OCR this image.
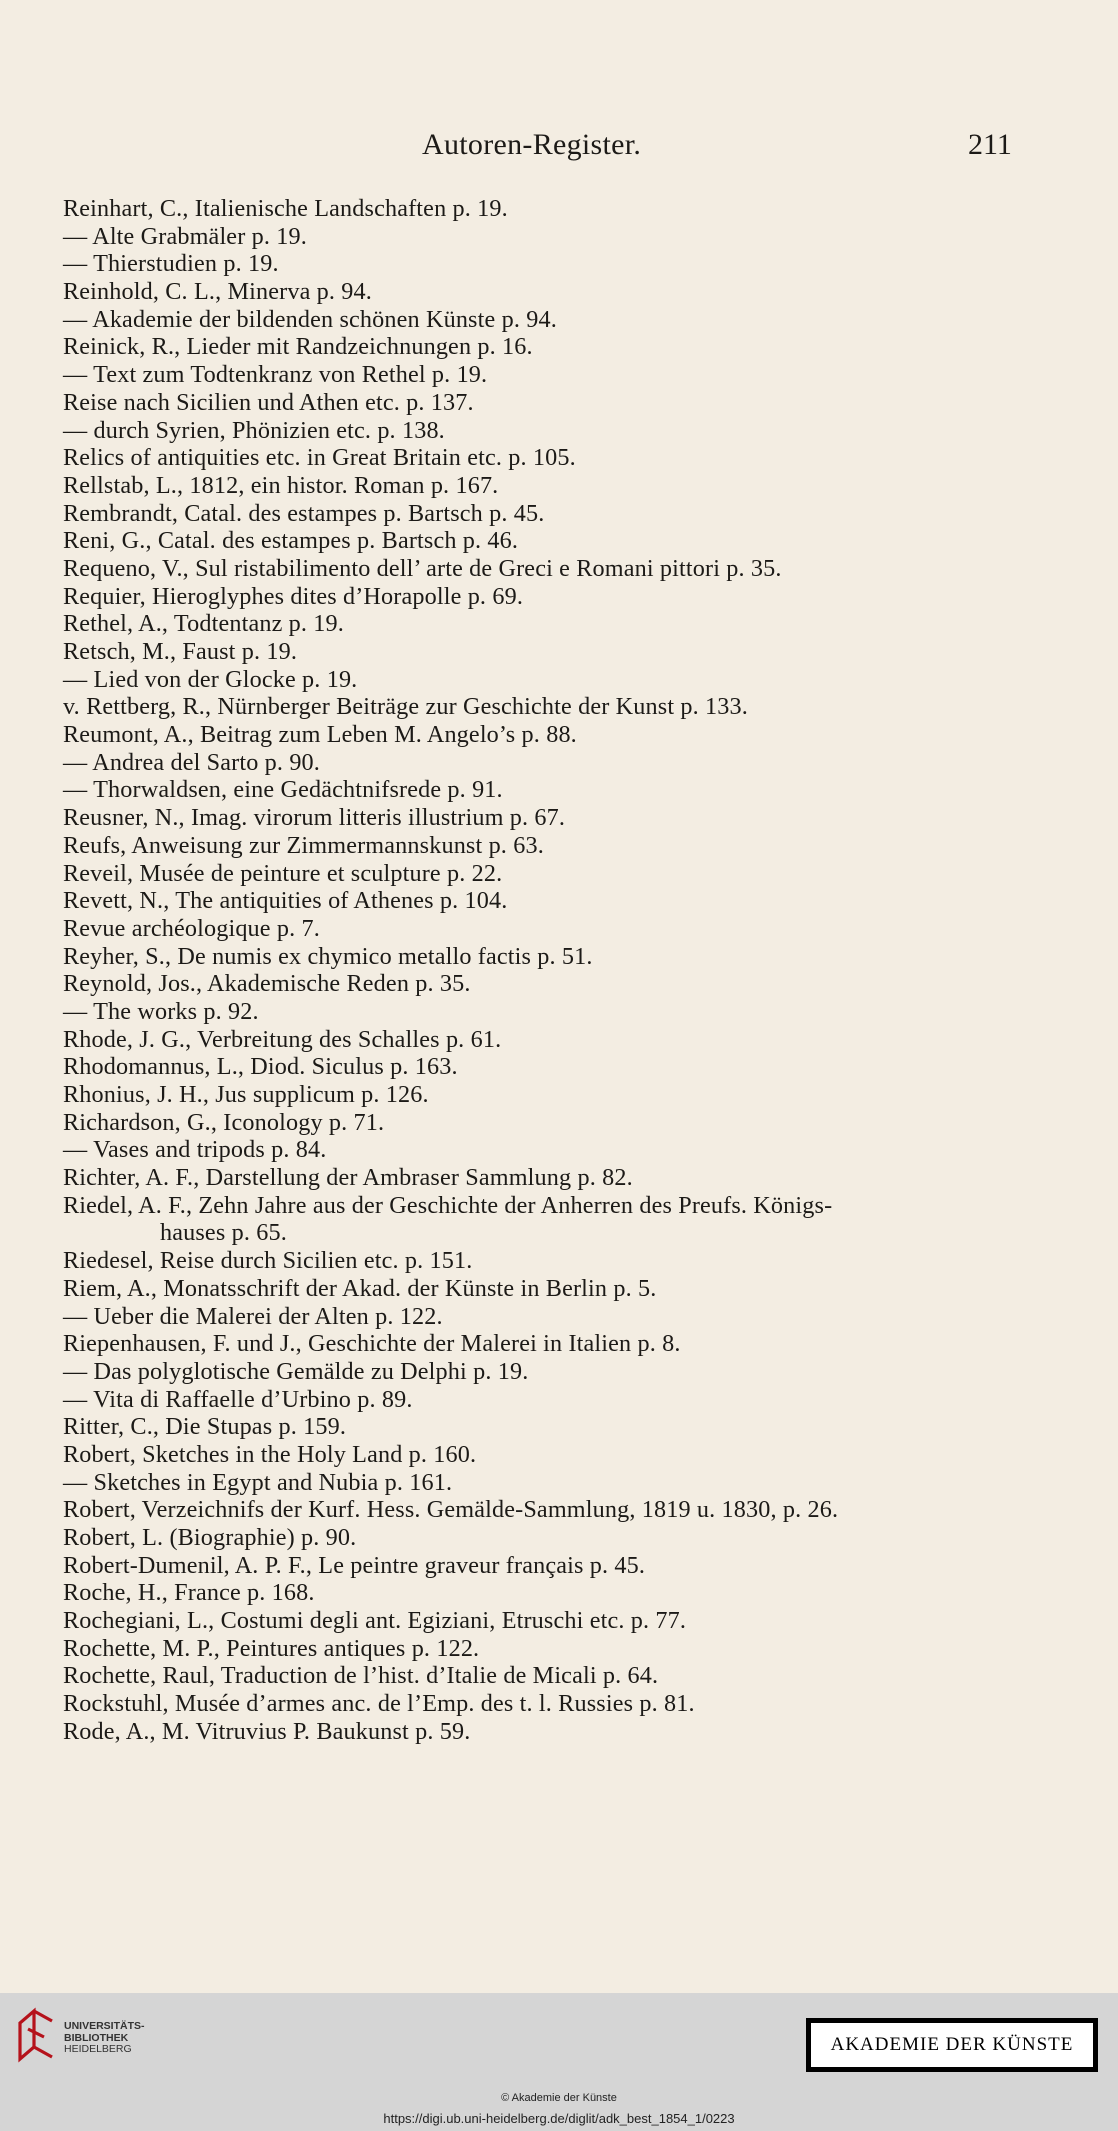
Autoren-Register.	211
Reinhart, C., Italienische Landschaften p. 19.
— Alte Grabmäler p. 19.
— Thierstudien p. 19.
Reinhold, C. L., Minerva p. 94.
— Akademie der bildenden schönen Künste p. 94.
Reinick, R., Lieder mit Randzeichnungen p. 16.
— Text zum Todtenkranz von Rethel p. 19.
Reise nach Sicilien und Athen etc. p. 137.
— durch Syrien, Phönizien etc. p. 138.
Relics of antiquities etc. in Great Britain etc. p. 105.
Rellstab, L., 1812, ein histor. Roman p. 167.
Rembrandt, Catal. des estampes p. Bartsch p. 45.
Reni, G., Catal. des estampes p. Bartsch p. 46.
Requeno, V., Sul ristabilimento dell’ arte de Greci e Romani pittori p. 35.
Requier, Hieroglyphes dites d’Horapolle p. 69.
Rethel, A., Todtentanz p. 19.
Retsch, M., Faust p. 19.
— Lied von der Glocke p. 19.
v. Rettberg, R., Nürnberger Beiträge zur Geschichte der Kunst p. 133.
Reumont, A., Beitrag zum Leben M. Angelo’s p. 88.
— Andrea del Sarto p. 90.
— Thorwaldsen, eine Gedächtnifsrede p. 91.
Reusner, N., Imag. virorum litteris illustrium p. 67.
Reufs, Anweisung zur Zimmermannskunst p. 63.
Reveil, Musée de peinture et sculpture p. 22.
Revett, N., The antiquities of Athenes p. 104.
Revue archéologique p. 7.
Reyher, S., De numis ex chymico metallo factis p. 51.
Reynold, Jos., Akademische Reden p. 35.
— The works p. 92.
Rhode, J. G., Verbreitung des Schalles p. 61.
Rhodomannus, L., Diod. Siculus p. 163.
Rhonius, J. H., Jus supplicum p. 126.
Richardson, G., Iconology p. 71.
— Vases and tripods p. 84.
Richter, A. F., Darstellung der Ambraser Sammlung p. 82.
Riedel, A. F., Zehn Jahre aus der Geschichte der Anherren des Preufs. Königs-
hauses p. 65.
Riedesel, Reise durch Sicilien etc. p. 151.
Riem, A., Monatsschrift der Akad. der Künste in Berlin p. 5.
— Ueber die Malerei der Alten p. 122.
Riepenhausen, F. und J., Geschichte der Malerei in Italien p. 8.
— Das polyglotische Gemälde zu Delphi p. 19.
— Vita di Raffaelle d’Urbino p. 89.
Ritter, C., Die Stupas p. 159.
Robert, Sketches in the Holy Land p. 160.
— Sketches in Egypt and Nubia p. 161.
Robert, Verzeichnifs der Kurf. Hess. Gemälde-Sammlung, 1819 u. 1830, p. 26.
Robert, L. (Biographie) p. 90.
Robert-Dumenil, A. P. F., Le peintre graveur français p. 45.
Roche, H., France p. 168.
Rochegiani, L., Costumi degli ant. Egiziani, Etruschi etc. p. 77.
Rochette, M. P., Peintures antiques p. 122.
Rochette, Raul, Traduction de l’hist. d’Italie de Micali p. 64.
Rockstuhl, Musée d’armes anc. de l’Emp. des t. l. Russies p. 81.
Rode, A., M. Vitruvius P. Baukunst p. 59.
UNIVERSITÄTS-
BIBLIOTHEK
HEIDELBERG	AKADEMIE DER KÜNSTE
© Akademie der Künste
https://digi.ub.uni-heidelberg.de/diglit/adk_best_1854_1/0223
